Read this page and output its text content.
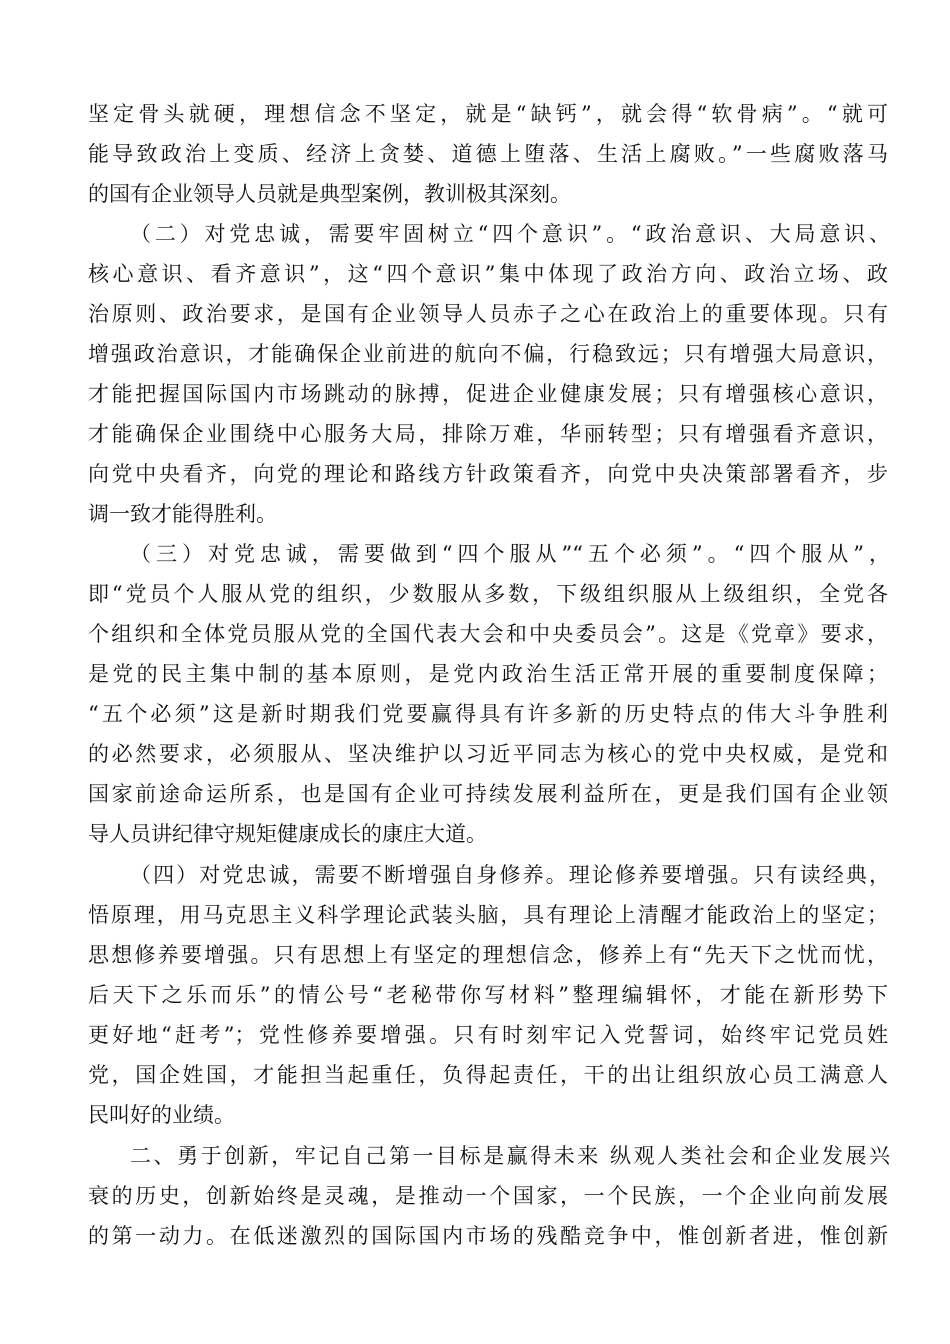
坚定骨头就硬，理想信念不坚定，就是“缺钙”，就会得“软骨病”。“就可
能导致政治上变质、经济上贪婪、道德上堕落、生活上腐败。”一些腐败落马
的国有企业领导人员就是典型案例，教训极其深刻。
（二）对党忠诚，需要牢固树立“四个意识”。“政治意识、大局意识、
核心意识、看齐意识”，这“四个意识”集中体现了政治方向、政治立场、政
治原则、政治要求，是国有企业领导人员赤子之心在政治上的重要体现。只有
增强政治意识，才能确保企业前进的航向不偏，行稳致远；只有增强大局意识，
才能把握国际国内市场跳动的脉搏，促进企业健康发展；只有增强核心意识，
才能确保企业围绕中心服务大局，排除万难，华丽转型；只有增强看齐意识，
向党中央看齐，向党的理论和路线方针政策看齐，向党中央决策部署看齐，步
调一致才能得胜利。
（三）对党忠诚，需要做到“四个服从”“五个必须”。“四个服从”，
即“党员个人服从党的组织，少数服从多数，下级组织服从上级组织，全党各
个组织和全体党员服从党的全国代表大会和中央委员会”。这是《党章》要求，
是党的民主集中制的基本原则，是党内政治生活正常开展的重要制度保障；
“五个必须”这是新时期我们党要赢得具有许多新的历史特点的伟大斗争胜利
的必然要求，必须服从、坚决维护以习近平同志为核心的党中央权威，是党和
国家前途命运所系，也是国有企业可持续发展利益所在，更是我们国有企业领
导人员讲纪律守规矩健康成长的康庄大道。
（四）对党忠诚，需要不断增强自身修养。理论修养要增强。只有读经典，
悟原理，用马克思主义科学理论武装头脑，具有理论上清醒才能政治上的坚定；
思想修养要增强。只有思想上有坚定的理想信念，修养上有“先天下之忧而忧，
后天下之乐而乐”的情公号“老秘带你写材料”整理编辑怀，才能在新形势下
更好地“赶考”；党性修养要增强。只有时刻牢记入党誓词，始终牢记党员姓
党，国企姓国，才能担当起重任，负得起责任，干的出让组织放心员工满意人
民叫好的业绩。
二、勇于创新，牢记自己第一目标是赢得未来 纵观人类社会和企业发展兴
衰的历史，创新始终是灵魂，是推动一个国家，一个民族，一个企业向前发展
的第一动力。在低迷激烈的国际国内市场的残酷竞争中，惟创新者进，惟创新
